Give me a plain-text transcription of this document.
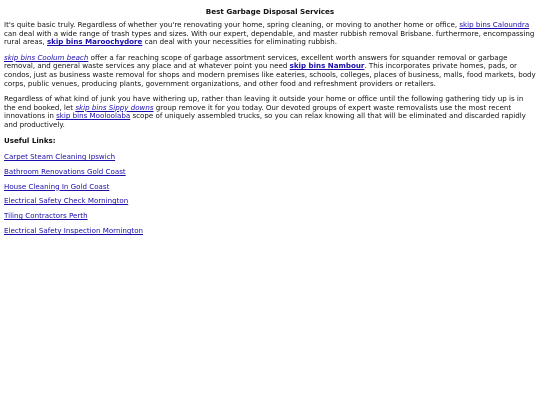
Best Garbage Disposal Services

It's quite basic truly. Regardless of whether you're renovating your home, spring cleaning, or moving to another home or office, skip bins Caloundra can deal with a wide range of trash types and sizes. With our expert, dependable, and master rubbish removal Brisbane. furthermore, encompassing rural areas, skip bins Maroochydore can deal with your necessities for eliminating rubbish.

skip bins Coolum beach offer a far reaching scope of garbage assortment services, excellent worth answers for squander removal or garbage removal, and general waste services any place and at whatever point you need skip bins Nambour. This incorporates private homes, pads, or condos, just as business waste removal for shops and modern premises like eateries, schools, colleges, places of business, malls, food markets, body corps, public venues, producing plants, government organizations, and other food and refreshment providers or retailers.

Regardless of what kind of junk you have withering up, rather than leaving it outside your home or office until the following gathering tidy up is in the end booked, let skip bins Sippy downs group remove it for you today. Our devoted groups of expert waste removalists use the most recent innovations in skip bins Mooloolaba scope of uniquely assembled trucks, so you can relax knowing all that will be eliminated and discarded rapidly and productively.

Useful Links:
Carpet Steam Cleaning Ipswich
Bathroom Renovations Gold Coast
House Cleaning In Gold Coast
Electrical Safety Check Mornington
Tiling Contractors Perth
Electrical Safety Inspection Mornington
